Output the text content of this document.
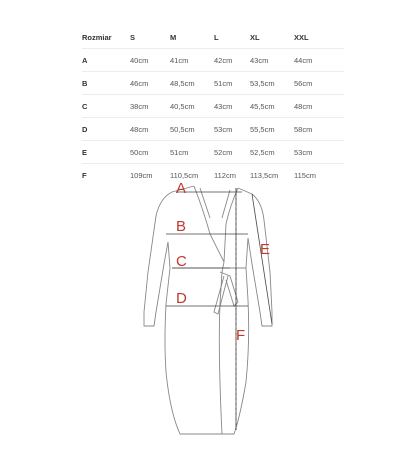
Rozmiar	S	M	L	XL	XXL
A	40cm	41cm	42cm	43cm	44cm
B	46cm	48,5cm	51cm	53,5cm	56cm
C	38cm	40,5cm	43cm	45,5cm	48cm
D	48cm	50,5cm	53cm	55,5cm	58cm
E	50cm	51cm	52cm	52,5cm	53cm
F	109cm	110,5cm	112cm	113,5cm	115cm
A
B
C
D
E
F
